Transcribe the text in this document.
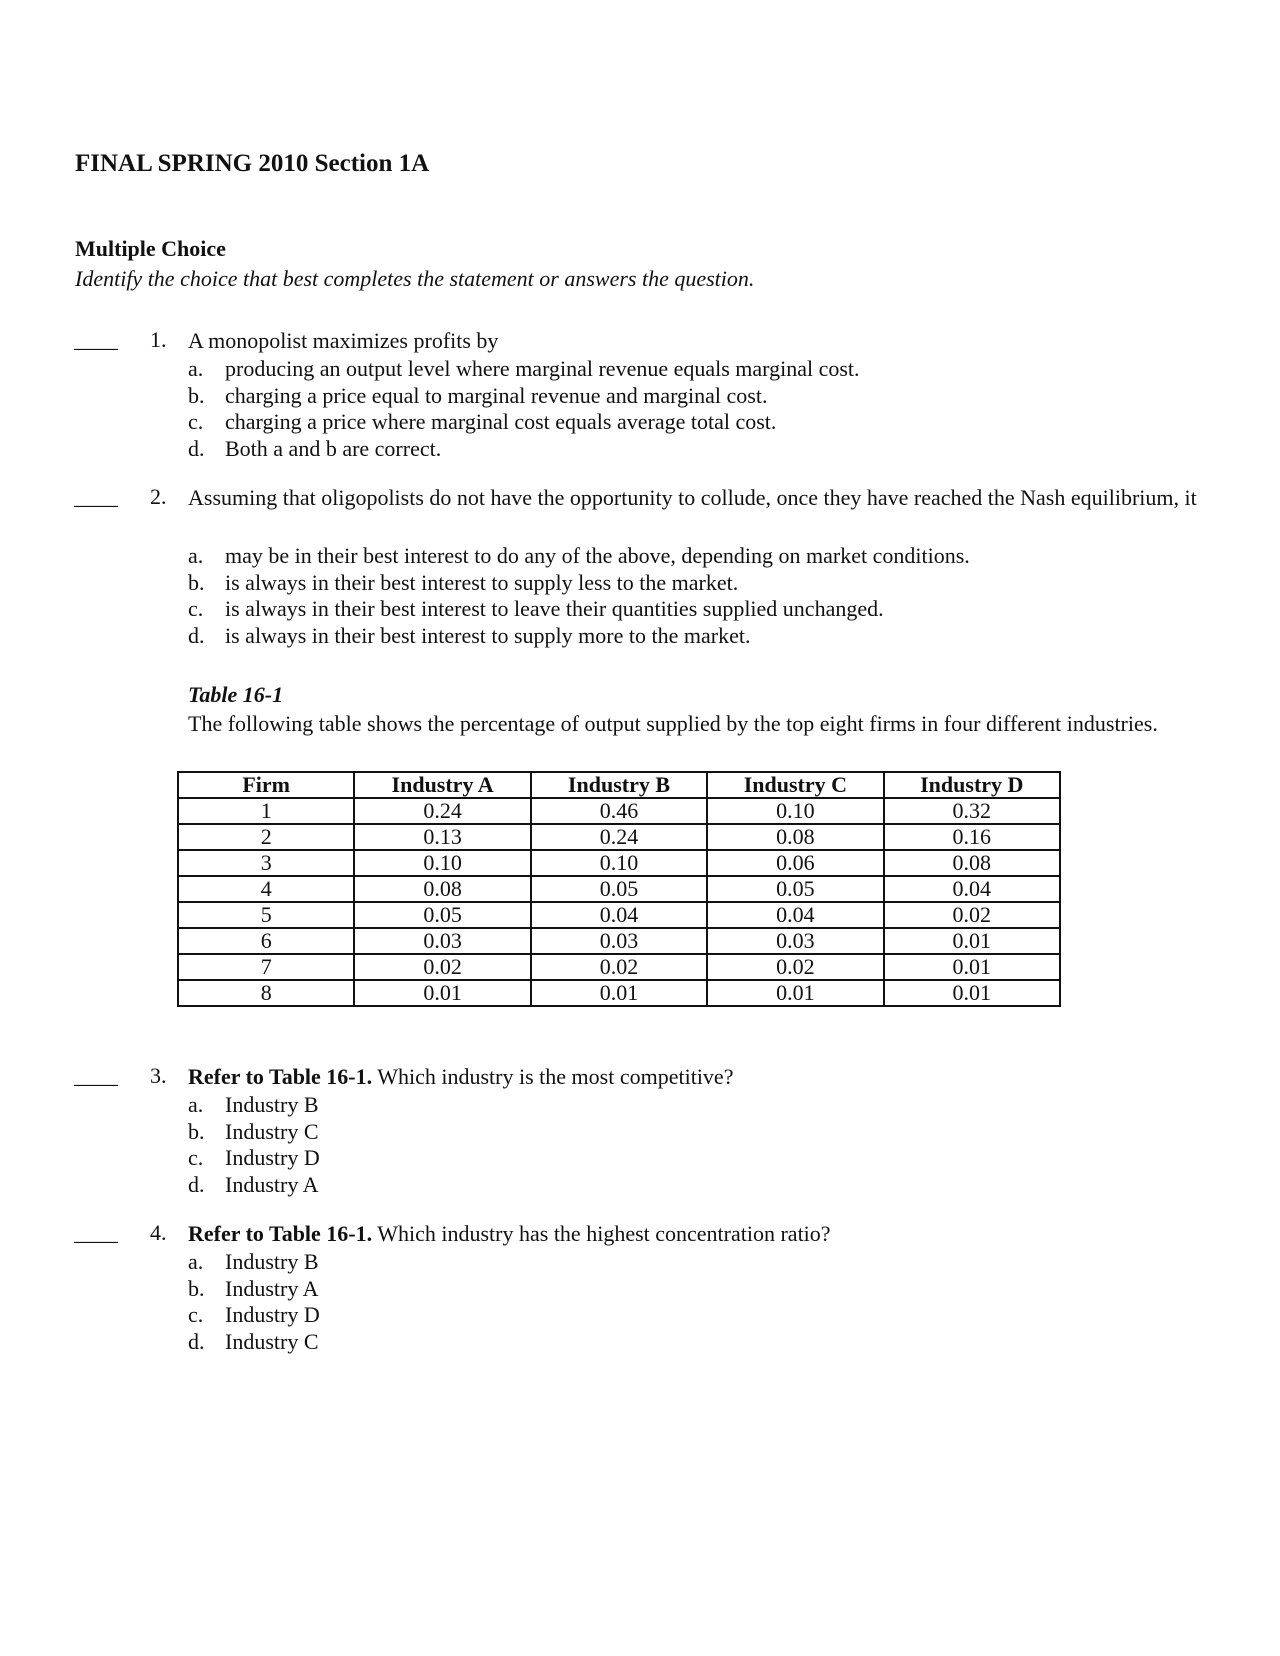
FINAL SPRING 2010 Section 1A
Multiple Choice
Identify the choice that best completes the statement or answers the question.
____ 1. A monopolist maximizes profits by
a. producing an output level where marginal revenue equals marginal cost.
b. charging a price equal to marginal revenue and marginal cost.
c. charging a price where marginal cost equals average total cost.
d. Both a and b are correct.
____ 2. Assuming that oligopolists do not have the opportunity to collude, once they have reached the Nash equilibrium, it
a. may be in their best interest to do any of the above, depending on market conditions.
b. is always in their best interest to supply less to the market.
c. is always in their best interest to leave their quantities supplied unchanged.
d. is always in their best interest to supply more to the market.
Table 16-1
The following table shows the percentage of output supplied by the top eight firms in four different industries.
Firm	Industry A	Industry B	Industry C	Industry D
1	0.24	0.46	0.10	0.32
2	0.13	0.24	0.08	0.16
3	0.10	0.10	0.06	0.08
4	0.08	0.05	0.05	0.04
5	0.05	0.04	0.04	0.02
6	0.03	0.03	0.03	0.01
7	0.02	0.02	0.02	0.01
8	0.01	0.01	0.01	0.01
____ 3. Refer to Table 16-1. Which industry is the most competitive?
a. Industry B
b. Industry C
c. Industry D
d. Industry A
____ 4. Refer to Table 16-1. Which industry has the highest concentration ratio?
a. Industry B
b. Industry A
c. Industry D
d. Industry C
